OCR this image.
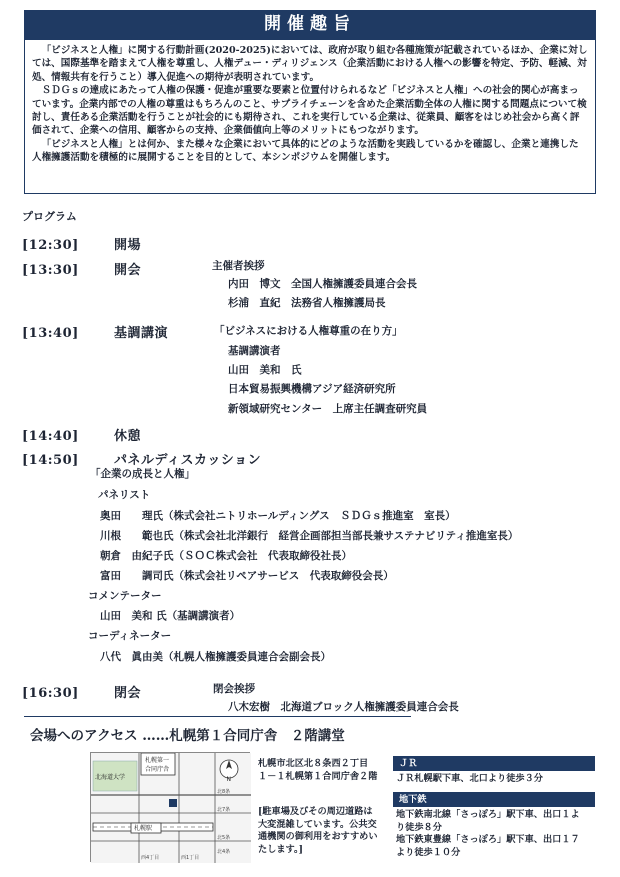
開催趣旨

「ビジネスと人権」に関する行動計画(2020-2025)においては、政府が取り組む各種施策が記載されているほか、企業に対しては、国際基準を踏まえて人権を尊重し、人権デュー・ディリジェンス（企業活動における人権への影響を特定、予防、軽減、対処、情報共有を行うこと）導入促進への期待が表明されています。

ＳＤＧｓの達成にあたって人権の保護・促進が重要な要素と位置付けられるなど「ビジネスと人権」への社会的関心が高まっています。企業内部での人権の尊重はもちろんのこと、サプライチェーンを含めた企業活動全体の人権に関する問題点について検討し、責任ある企業活動を行うことが社会的にも期待され、これを実行している企業は、従業員、顧客をはじめ社会から高く評価されて、企業への信用、顧客からの支持、企業価値向上等のメリットにもつながります。

「ビジネスと人権」とは何か、また様々な企業において具体的にどのような活動を実践しているかを確認し、企業と連携した人権擁護活動を積極的に展開することを目的として、本シンポジウムを開催します。

プログラム
[12:30]	開場
[13:30]	開会	主催者挨拶
内田　博文　全国人権擁護委員連合会長
杉浦　直紀　法務省人権擁護局長
[13:40]	基調講演	「ビジネスにおける人権尊重の在り方」
基調講演者
山田　美和　氏
日本貿易振興機構アジア経済研究所
新領域研究センター　上席主任調査研究員
[14:40]	休憩
[14:50]	パネルディスカッション
「企業の成長と人権」
パネリスト
奥田　　理氏（株式会社ニトリホールディングス　ＳＤＧｓ推進室　室長）
川根　　範也氏（株式会社北洋銀行　経営企画部担当部長兼サステナビリティ推進室長）
朝倉　由紀子氏（ＳＯＣ株式会社　代表取締役社長）
富田　　調司氏（株式会社リペアサービス　代表取締役会長）
コメンテーター
山田　美和 氏（基調講演者）
コーディネーター
八代　眞由美（札幌人権擁護委員連合会副会長）
[16:30]	閉会	閉会挨拶
八木宏樹　北海道ブロック人権擁護委員連合会長
会場へのアクセス ……札幌第１合同庁舎　２階講堂
北海道大学
札幌第一
合同庁舎
札幌駅
N
北8条
北7条
北5条
北4条
西1丁目
西4丁目
札幌市北区北８条西２丁目
１－１札幌第１合同庁舎２階
[駐車場及びその周辺道路は
大変混雑しています。公共交
通機関の御利用をおすすめい
たします。]
ＪＲ
ＪＲ札幌駅下車、北口より徒歩３分
地下鉄
地下鉄南北線「さっぽろ」駅下車、出口１よ
り徒歩８分
地下鉄東豊線「さっぽろ」駅下車、出口１７
より徒歩１０分
